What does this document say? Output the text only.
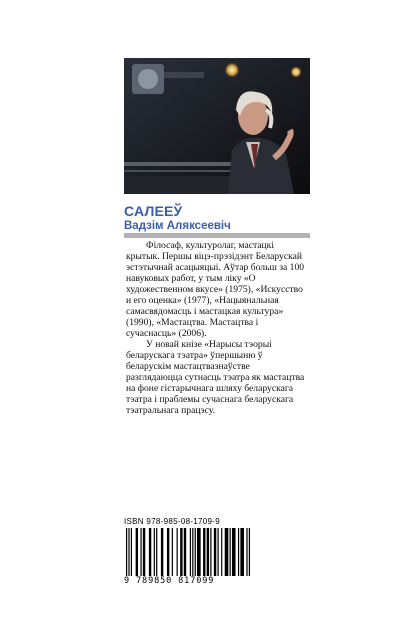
САЛЕЕЎ
Вадзім Аляксеевіч

Філосаф, культуролаг, мастацкі крытык. Першы віцэ-прэзідэнт Беларускай эстэтычнай асацыяцыі. Аўтар больш за 100 навуковых работ, у тым ліку «О художественном вкусе» (1975), «Искусство и его оценка» (1977), «Нацыянальная самасвядомасць і мастацкая культура» (1990), «Мастацтва. Мастацтва і сучаснасць» (2006).

У новай кнізе «Нарысы тэорыі беларускага тэатра» ўпершыню ў беларускім мастацтвазнаўстве разглядаюцца сутнасць тэатра як мастацтва на фоне гістарычнага шляху беларускага тэатра і праблемы сучаснага беларускага тэатральнага працэсу.

ISBN 978-985-08-1709-9
9 789850 817099
